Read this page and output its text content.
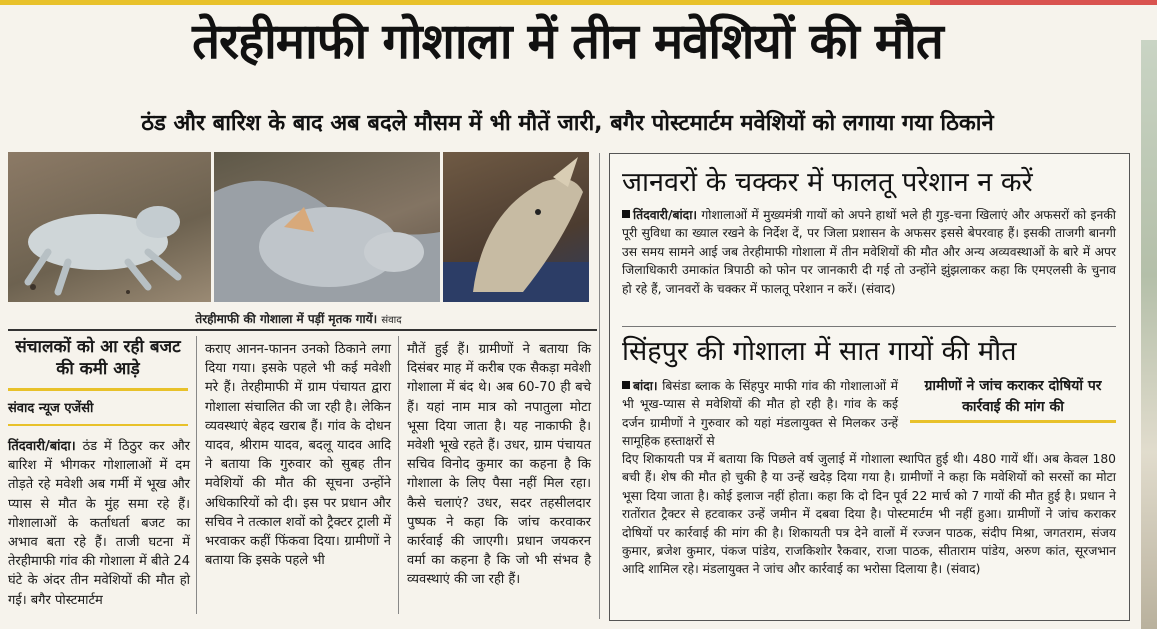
तेरहीमाफी गोशाला में तीन मवेशियों की मौत
ठंड और बारिश के बाद अब बदले मौसम में भी मौतें जारी, बगैर पोस्टमार्टम मवेशियों को लगाया गया ठिकाने
तेरहीमाफी की गोशाला में पड़ीं मृतक गायें। संवाद
संचालकों को आ रही बजट की कमी आड़े
संवाद न्यूज एजेंसी
तिंदवारी/बांदा। ठंड में ठिठुर कर और बारिश में भीगकर गोशालाओं में दम तोड़ते रहे मवेशी अब गर्मी में भूख और प्यास से मौत के मुंह समा रहे हैं। गोशालाओं के कर्ताधर्ता बजट का अभाव बता रहे हैं। ताजी घटना में तेरहीमाफी गांव की गोशाला में बीते 24 घंटे के अंदर तीन मवेशियों की मौत हो गई। बगैर पोस्टमार्टम
कराए आनन-फानन उनको ठिकाने लगा दिया गया। इसके पहले भी कई मवेशी मरे हैं। तेरहीमाफी में ग्राम पंचायत द्वारा गोशाला संचालित की जा रही है। लेकिन व्यवस्थाएं बेहद खराब हैं। गांव के दोधन यादव, श्रीराम यादव, बदलू यादव आदि ने बताया कि गुरुवार को सुबह तीन मवेशियों की मौत की सूचना उन्होंने अधिकारियों को दी। इस पर प्रधान और सचिव ने तत्काल शवों को ट्रैक्टर ट्राली में भरवाकर कहीं फिंकवा दिया। ग्रामीणों ने बताया कि इसके पहले भी
मौतें हुई हैं। ग्रामीणों ने बताया कि दिसंबर माह में करीब एक सैकड़ा मवेशी गोशाला में बंद थे। अब 60-70 ही बचे हैं। यहां नाम मात्र को नपातुला मोटा भूसा दिया जाता है। यह नाकाफी है। मवेशी भूखे रहते हैं। उधर, ग्राम पंचायत सचिव विनोद कुमार का कहना है कि गोशाला के लिए पैसा नहीं मिल रहा। कैसे चलाएं? उधर, सदर तहसीलदार पुष्पक ने कहा कि जांच करवाकर कार्रवाई की जाएगी। प्रधान जयकरन वर्मा का कहना है कि जो भी संभव है व्यवस्थाएं की जा रही हैं।
जानवरों के चक्कर में फालतू परेशान न करें
तिंदवारी/बांदा। गोशालाओं में मुख्यमंत्री गायों को अपने हाथों भले ही गुड़-चना खिलाएं और अफसरों को इनकी पूरी सुविधा का ख्याल रखने के निर्देश दें, पर जिला प्रशासन के अफसर इससे बेपरवाह हैं। इसकी ताजगी बानगी उस समय सामने आई जब तेरहीमाफी गोशाला में तीन मवेशियों की मौत और अन्य अव्यवस्थाओं के बारे में अपर जिलाधिकारी उमाकांत त्रिपाठी को फोन पर जानकारी दी गई तो उन्होंने झुंझलाकर कहा कि एमएलसी के चुनाव हो रहे हैं, जानवरों के चक्कर में फालतू परेशान न करें। (संवाद)
सिंहपुर की गोशाला में सात गायों की मौत
बांदा। बिसंडा ब्लाक के सिंहपुर माफी गांव की गोशालाओं में भी भूख-प्यास से मवेशियों की मौत हो रही है। गांव के कई दर्जन ग्रामीणों ने गुरुवार को यहां मंडलायुक्त से मिलकर उन्हें सामूहिक हस्ताक्षरों से
ग्रामीणों ने जांच कराकर दोषियों पर कार्रवाई की मांग की
दिए शिकायती पत्र में बताया कि पिछले वर्ष जुलाई में गोशाला स्थापित हुई थी। 480 गायें थीं। अब केवल 180 बची हैं। शेष की मौत हो चुकी है या उन्हें खदेड़ दिया गया है। ग्रामीणों ने कहा कि मवेशियों को सरसों का मोटा भूसा दिया जाता है। कोई इलाज नहीं होता। कहा कि दो दिन पूर्व 22 मार्च को 7 गायों की मौत हुई है। प्रधान ने रातोंरात ट्रैक्टर से हटवाकर उन्हें जमीन में दबवा दिया है। पोस्टमार्टम भी नहीं हुआ। ग्रामीणों ने जांच कराकर दोषियों पर कार्रवाई की मांग की है। शिकायती पत्र देने वालों में रज्जन पाठक, संदीप मिश्रा, जगतराम, संजय कुमार, ब्रजेश कुमार, पंकज पांडेय, राजकिशोर रैकवार, राजा पाठक, सीताराम पांडेय, अरुण कांत, सूरजभान आदि शामिल रहे। मंडलायुक्त ने जांच और कार्रवाई का भरोसा दिलाया है। (संवाद)
